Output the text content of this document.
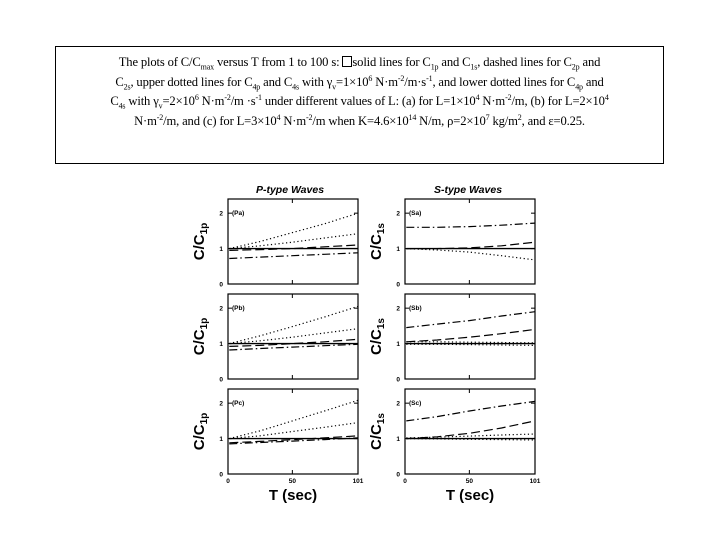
The plots of $C/C_{max}$ versus T from 1 to 100 s: solid lines for $C_{1p}$ and $C_{1s}$, dashed lines for $C_{2p}$ and
$C_{2s}$, upper dotted lines for $C_{4p}$ and $C_{4s}$ with $\gamma_v=1\times 10^6$ $N\cdot m^{-2}/m\cdot s^{-1}$, and lower dotted lines for $C_{4p}$ and
$C_{4s}$ with $\gamma_v=2\times 10^6$ $N\cdot m^{-2}/m \cdot s^{-1}$ under different values of L: (a) for $L=1\times 10^4$ $N\cdot m^{-2}/m$, (b) for $L=2\times 10^4$
$N\cdot m^{-2}/m$, and (c) for $L=3\times 10^4$ $N\cdot m^{-2}/m$ when $K=4.6\times 10^{14}$ N/m, $\rho=2\times 10^7$ $kg/m^2$, and ε=0.25.
P-type Waves	S-type Waves
0
1
2 (Pa)
$C/C_{1p}$
0
1
2 (Sa)
$C/C_{1s}$
0
1
2 (Pb)
$C/C_{1p}$
0
1
2 (Sb)
$C/C_{1s}$
0
1
2
0	50	101
(Pc)
$C/C_{1p}$
T (sec)
0
1
2
0	50	101
(Sc)
$C/C_{1s}$
T (sec)
